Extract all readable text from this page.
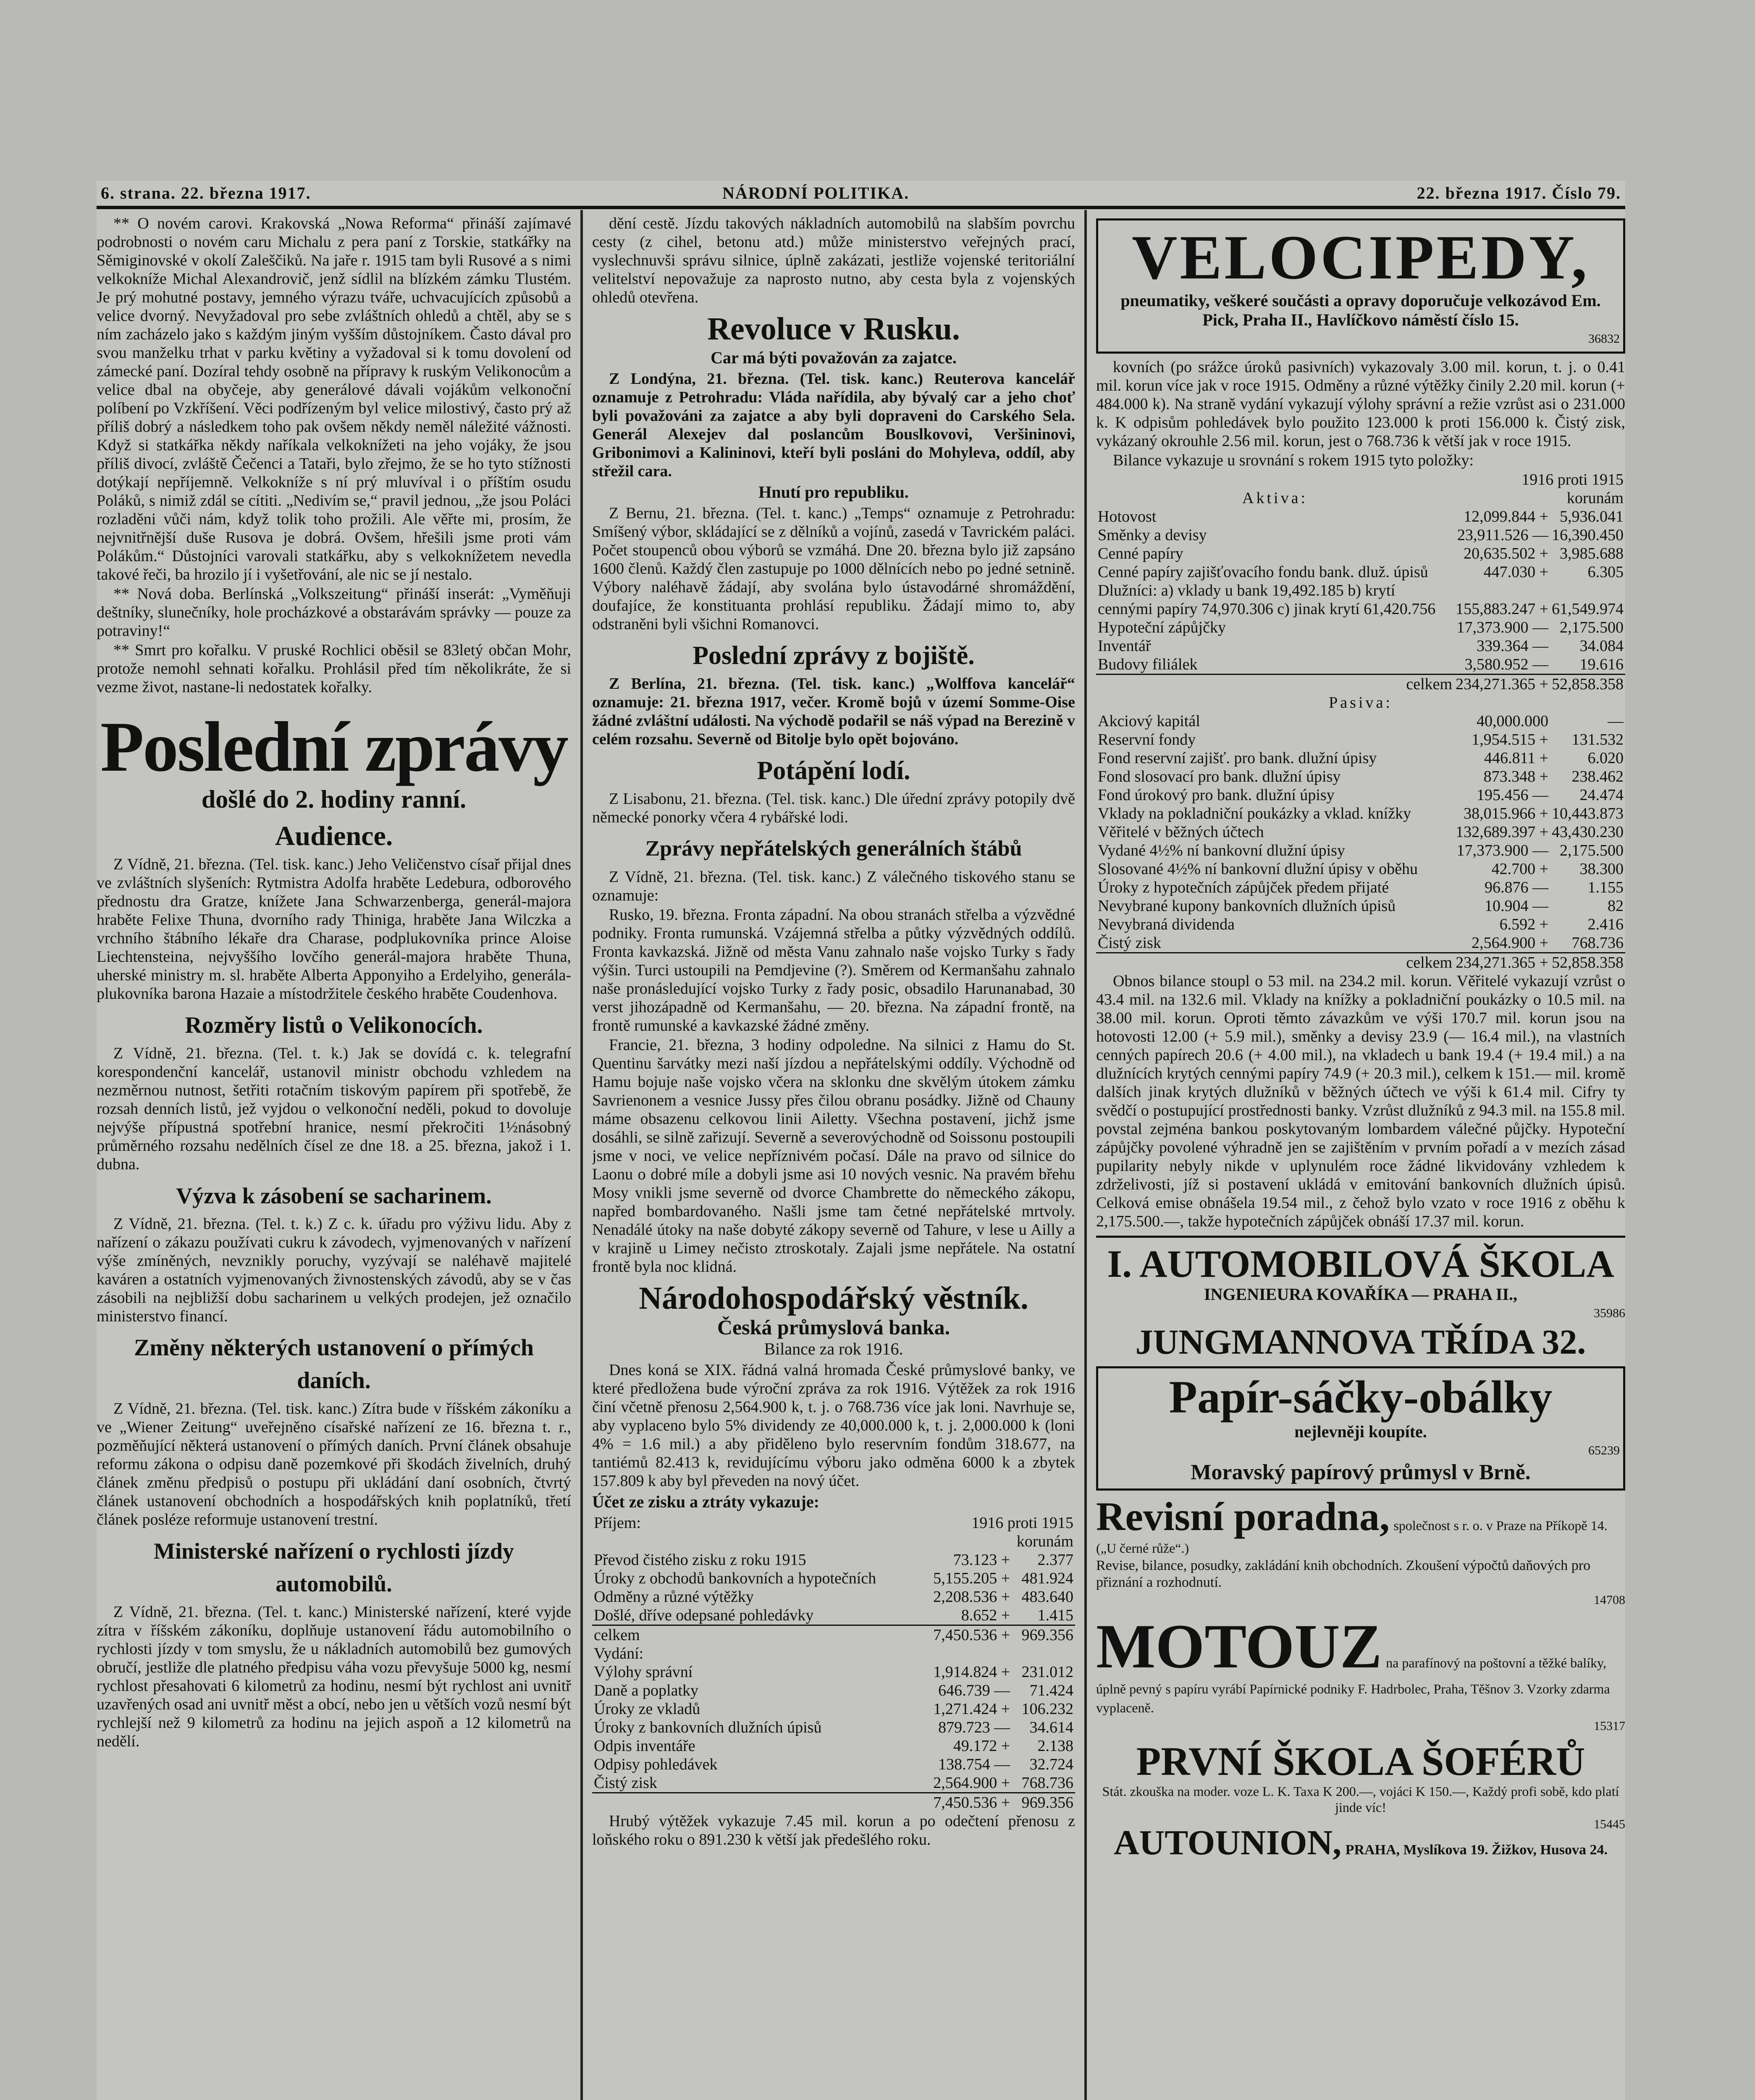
6. strana. 22. března 1917.	NÁRODNÍ POLITIKA.	22. března 1917. Číslo 79.

** O novém carovi. Krakovská „Nowa Reforma“ přináší zajímavé podrobnosti o novém caru Michalu z pera paní z Torskie, statkářky na Sěmiginovské v okolí Zaleščiků. Na jaře r. 1915 tam byli Rusové a s nimi velkokníže Michal Alexandrovič, jenž sídlil na blízkém zámku Tlustém. Je prý mohutné postavy, jemného výrazu tváře, uchvacujících způsobů a velice dvorný. Nevyžadoval pro sebe zvláštních ohledů a chtěl, aby se s ním zacházelo jako s každým jiným vyšším důstojníkem. Často dával pro svou manželku trhat v parku květiny a vyžadoval si k tomu dovolení od zámecké paní. Dozíral tehdy osobně na přípravy k ruským Velikonocům a velice dbal na obyčeje, aby generálové dávali vojákům velkonoční políbení po Vzkříšení. Věci podřízeným byl velice milostivý, často prý až příliš dobrý a následkem toho pak ovšem někdy neměl náležité vážnosti. Když si statkářka někdy naříkala velkoknížeti na jeho vojáky, že jsou příliš divocí, zvláště Čečenci a Tataři, bylo zřejmo, že se ho tyto stížnosti dotýkají nepříjemně. Velkokníže s ní prý mluvíval i o příštím osudu Poláků, s nimiž zdál se cítiti. „Nedivím se,“ pravil jednou, „že jsou Poláci rozladěni vůči nám, když tolik toho prožili. Ale věřte mi, prosím, že nejvnitřnější duše Rusova je dobrá. Ovšem, hřešili jsme proti vám Polákům.“ Důstojníci varovali statkářku, aby s velkoknížetem nevedla takové řeči, ba hrozilo jí i vyšetřování, ale nic se jí nestalo.

** Nová doba. Berlínská „Volkszeitung“ přináší inserát: „Vyměňuji deštníky, slunečníky, hole procházkové a obstarávám správky — pouze za potraviny!“

** Smrt pro kořalku. V pruské Rochlici oběsil se 83letý občan Mohr, protože nemohl sehnati kořalku. Prohlásil před tím několikráte, že si vezme život, nastane-li nedostatek kořalky.

Poslední zprávy
došlé do 2. hodiny ranní.
Audience.

Z Vídně, 21. března. (Tel. tisk. kanc.) Jeho Veličenstvo císař přijal dnes ve zvláštních slyšeních: Rytmistra Adolfa hraběte Ledebura, odborového přednostu dra Gratze, knížete Jana Schwarzenberga, generál-majora hraběte Felixe Thuna, dvorního rady Thiniga, hraběte Jana Wilczka a vrchního štábního lékaře dra Charase, podplukovníka prince Aloise Liechtensteina, nejvyššího lovčího generál-majora hraběte Thuna, uherské ministry m. sl. hraběte Alberta Apponyiho a Erdelyiho, generála-plukovníka barona Hazaie a místodržitele českého hraběte Coudenhova.

Rozměry listů o Velikonocích.

Z Vídně, 21. března. (Tel. t. k.) Jak se dovídá c. k. telegrafní korespondenční kancelář, ustanovil ministr obchodu vzhledem na nezměrnou nutnost, šetřiti rotačním tiskovým papírem při spotřebě, že rozsah denních listů, jež vyjdou o velkonoční neděli, pokud to dovoluje nejvýše přípustná spotřební hranice, nesmí překročiti 1½násobný průměrného rozsahu nedělních čísel ze dne 18. a 25. března, jakož i 1. dubna.

Výzva k zásobení se sacharinem.

Z Vídně, 21. března. (Tel. t. k.) Z c. k. úřadu pro výživu lidu. Aby z nařízení o zákazu používati cukru k závodech, vyjmenovaných v nařízení výše zmíněných, nevznikly poruchy, vyzývají se naléhavě majitelé kaváren a ostatních vyjmenovaných živnostenských závodů, aby se v čas zásobili na nejbližší dobu sacharinem u velkých prodejen, jež označilo ministerstvo financí.

Změny některých ustanovení o přímých daních.

Z Vídně, 21. března. (Tel. tisk. kanc.) Zítra bude v říšském zákoníku a ve „Wiener Zeitung“ uveřejněno císařské nařízení ze 16. března t. r., pozměňující některá ustanovení o přímých daních. První článek obsahuje reformu zákona o odpisu daně pozemkové při škodách živelních, druhý článek změnu předpisů o postupu při ukládání daní osobních, čtvrtý článek ustanovení obchodních a hospodářských knih poplatníků, třetí článek posléze reformuje ustanovení trestní.

Ministerské nařízení o rychlosti jízdy automobilů.

Z Vídně, 21. března. (Tel. t. kanc.) Ministerské nařízení, které vyjde zítra v říšském zákoníku, doplňuje ustanovení řádu automobilního o rychlosti jízdy v tom smyslu, že u nákladních automobilů bez gumových obručí, jestliže dle platného předpisu váha vozu převyšuje 5000 kg, nesmí rychlost přesahovati 6 kilometrů za hodinu, nesmí být rychlost ani uvnitř uzavřených osad ani uvnitř měst a obcí, nebo jen u větších vozů nesmí být rychlejší než 9 kilometrů za hodinu na jejich aspoň a 12 kilometrů na nedělí.

dění cestě. Jízdu takových nákladních automobilů na slabším povrchu cesty (z cihel, betonu atd.) může ministerstvo veřejných prací, vyslechnuvši správu silnice, úplně zakázati, jestliže vojenské teritoriální velitelství nepovažuje za naprosto nutno, aby cesta byla z vojenských ohledů otevřena.

Revoluce v Rusku.
Car má býti považován za zajatce.

Z Londýna, 21. března. (Tel. tisk. kanc.) Reuterova kancelář oznamuje z Petrohradu: Vláda nařídila, aby bývalý car a jeho choť byli považováni za zajatce a aby byli dopraveni do Carského Sela. Generál Alexejev dal poslancům Bouslkovovi, Veršininovi, Gribonimovi a Kalininovi, kteří byli posláni do Mohyleva, oddíl, aby střežil cara.

Hnutí pro republiku.

Z Bernu, 21. března. (Tel. t. kanc.) „Temps“ oznamuje z Petrohradu: Smíšený výbor, skládající se z dělníků a vojínů, zasedá v Tavrickém paláci. Počet stoupenců obou výborů se vzmáhá. Dne 20. března bylo již zapsáno 1600 členů. Každý člen zastupuje po 1000 dělnících nebo po jedné setnině. Výbory naléhavě žádají, aby svolána bylo ústavodárné shromáždění, doufajíce, že konstituanta prohlásí republiku. Žádají mimo to, aby odstraněni byli všichni Romanovci.

Poslední zprávy z bojiště.

Z Berlína, 21. března. (Tel. tisk. kanc.) „Wolffova kancelář“ oznamuje: 21. března 1917, večer. Kromě bojů v území Somme-Oise žádné zvláštní události. Na východě podařil se náš výpad na Berezině v celém rozsahu. Severně od Bitolje bylo opět bojováno.

Potápění lodí.

Z Lisabonu, 21. března. (Tel. tisk. kanc.) Dle úřední zprávy potopily dvě německé ponorky včera 4 rybářské lodi.

Zprávy nepřátelských generálních štábů

Z Vídně, 21. března. (Tel. tisk. kanc.) Z válečného tiskového stanu se oznamuje:

Rusko, 19. března. Fronta západní. Na obou stranách střelba a výzvědné podniky. Fronta rumunská. Vzájemná střelba a půtky výzvědných oddílů. Fronta kavkazská. Jižně od města Vanu zahnalo naše vojsko Turky s řady výšin. Turci ustoupili na Pemdjevine (?). Směrem od Kermanšahu zahnalo naše pronásledující vojsko Turky z řady posic, obsadilo Harunanabad, 30 verst jihozápadně od Kermanšahu, — 20. března. Na západní frontě, na frontě rumunské a kavkazské žádné změny.

Francie, 21. března, 3 hodiny odpoledne. Na silnici z Hamu do St. Quentinu šarvátky mezi naší jízdou a nepřátelskými oddíly. Východně od Hamu bojuje naše vojsko včera na sklonku dne skvělým útokem zámku Savrienonem a vesnice Jussy přes čilou obranu posádky. Jižně od Chauny máme obsazenu celkovou linii Ailetty. Všechna postavení, jichž jsme dosáhli, se silně zařizují. Severně a severovýchodně od Soissonu postoupili jsme v noci, ve velice nepříznivém počasí. Dále na pravo od silnice do Laonu o dobré míle a dobyli jsme asi 10 nových vesnic. Na pravém břehu Mosy vnikli jsme severně od dvorce Chambrette do německého zákopu, napřed bombardovaného. Našli jsme tam četné nepřátelské mrtvoly. Nenadálé útoky na naše dobyté zákopy severně od Tahure, v lese u Ailly a v krajině u Limey nečisto ztroskotaly. Zajali jsme nepřátele. Na ostatní frontě byla noc klidná.

Národohospodářský věstník.
Česká průmyslová banka.
Bilance za rok 1916.

Dnes koná se XIX. řádná valná hromada České průmyslové banky, ve které předložena bude výroční zpráva za rok 1916. Výtěžek za rok 1916 činí včetně přenosu 2,564.900 k, t. j. o 768.736 více jak loni. Navrhuje se, aby vyplaceno bylo 5% dividendy ze 40,000.000 k, t. j. 2,000.000 k (loni 4% = 1.6 mil.) a aby přiděleno bylo reservním fondům 318.677, na tantiémů 82.413 k, revidujícímu výboru jako odměna 6000 k a zbytek 157.809 k aby byl převeden na nový účet.

Účet ze zisku a ztráty vykazuje:
Příjem:	1916 proti 1915	
	korunám	
Převod čistého zisku z roku 1915	73.123 +	2.377
Úroky z obchodů bankovních a hypotečních	5,155.205 +	481.924
Odměny a různé výtěžky	2,208.536 +	483.640
Došlé, dříve odepsané pohledávky	8.652 +	1.415
celkem	7,450.536 +	969.356
Vydání:		
Výlohy správní	1,914.824 +	231.012
Daně a poplatky	646.739 —	71.424
Úroky ze vkladů	1,271.424 +	106.232
Úroky z bankovních dlužních úpisů	879.723 —	34.614
Odpis inventáře	49.172 +	2.138
Odpisy pohledávek	138.754 —	32.724
Čistý zisk	2,564.900 +	768.736
	7,450.536 +	969.356

Hrubý výtěžek vykazuje 7.45 mil. korun a po odečtení přenosu z loňského roku o 891.230 k větší jak předešlého roku.

VELOCIPEDY,
pneumatiky, veškeré součásti a opravy doporučuje velkozávod Em. Pick, Praha II., Havlíčkovo náměstí číslo 15.
36832

kovních (po srážce úroků pasivních) vykazovaly 3.00 mil. korun, t. j. o 0.41 mil. korun více jak v roce 1915. Odměny a různé výtěžky činily 2.20 mil. korun (+ 484.000 k). Na straně vydání vykazují výlohy správní a režie vzrůst asi o 231.000 k. K odpisům pohledávek bylo použito 123.000 k proti 156.000 k. Čistý zisk, vykázaný okrouhle 2.56 mil. korun, jest o 768.736 k větší jak v roce 1915.

Bilance vykazuje u srovnání s rokem 1915 tyto položky:

	1916 proti 1915	
Aktiva:	korunám	
Hotovost	12,099.844 +	5,936.041
Směnky a devisy	23,911.526 —	16,390.450
Cenné papíry	20,635.502 +	3,985.688
Cenné papíry zajišťovacího fondu bank. dluž. úpisů	447.030 +	6.305
Dlužníci: a) vklady u bank 19,492.185 b) krytí cennými papíry 74,970.306 c) jinak krytí 61,420.756	155,883.247 +	61,549.974
Hypoteční zápůjčky	17,373.900 —	2,175.500
Inventář	339.364 —	34.084
Budovy filiálek	3,580.952 —	19.616
celkem	234,271.365 +	52,858.358
Pasiva:		
Akciový kapitál	40,000.000	—
Reservní fondy	1,954.515 +	131.532
Fond reservní zajišť. pro bank. dlužní úpisy	446.811 +	6.020
Fond slosovací pro bank. dlužní úpisy	873.348 +	238.462
Fond úrokový pro bank. dlužní úpisy	195.456 —	24.474
Vklady na pokladniční poukázky a vklad. knížky	38,015.966 +	10,443.873
Věřitelé v běžných účtech	132,689.397 +	43,430.230
Vydané 4½% ní bankovní dlužní úpisy	17,373.900 —	2,175.500
Slosované 4½% ní bankovní dlužní úpisy v oběhu	42.700 +	38.300
Úroky z hypotečních zápůjček předem přijaté	96.876 —	1.155
Nevybrané kupony bankovních dlužních úpisů	10.904 —	82
Nevybraná dividenda	6.592 +	2.416
Čistý zisk	2,564.900 +	768.736
celkem	234,271.365 +	52,858.358

Obnos bilance stoupl o 53 mil. na 234.2 mil. korun. Věřitelé vykazují vzrůst o 43.4 mil. na 132.6 mil. Vklady na knížky a pokladniční poukázky o 10.5 mil. na 38.00 mil. korun. Oproti těmto závazkům ve výši 170.7 mil. korun jsou na hotovosti 12.00 (+ 5.9 mil.), směnky a devisy 23.9 (— 16.4 mil.), na vlastních cenných papírech 20.6 (+ 4.00 mil.), na vkladech u bank 19.4 (+ 19.4 mil.) a na dlužnících krytých cennými papíry 74.9 (+ 20.3 mil.), celkem k 151.— mil. kromě dalších jinak krytých dlužníků v běžných účtech ve výši k 61.4 mil. Cifry ty svědčí o postupující prostřednosti banky. Vzrůst dlužníků z 94.3 mil. na 155.8 mil. povstal zejména bankou poskytovaným lombardem válečné půjčky. Hypoteční zápůjčky povolené výhradně jen se zajištěním v prvním pořadí a v mezích zásad pupilarity nebyly nikde v uplynulém roce žádné likvidovány vzhledem k zdrželivosti, jíž si postavení ukládá v emitování bankovních dlužních úpisů. Celková emise obnášela 19.54 mil., z čehož bylo vzato v roce 1916 z oběhu k 2,175.500.—, takže hypotečních zápůjček obnáší 17.37 mil. korun.

I. AUTOMOBILOVÁ ŠKOLA
INGENIEURA KOVAŘÍKA — PRAHA II.,
35986
JUNGMANNOVA TŘÍDA 32.
Papír-sáčky-obálky
nejlevněji koupíte.
65239
Moravský papírový průmysl v Brně.
Revisní poradna, společnost s r. o. v Praze na Příkopě 14. („U černé růže“.)
Revise, bilance, posudky, zakládání knih obchodních. Zkoušení výpočtů daňových pro přiznání a rozhodnutí.
14708
MOTOUZ na parafínový na poštovní a těžké balíky, úplně pevný s papíru vyrábí Papírnické podniky F. Hadrboleс, Praha, Těšnov 3. Vzorky zdarma vyplaceně.
15317
PRVNÍ ŠKOLA ŠOFÉRŮ
Stát. zkouška na moder. voze L. K. Taxa K 200.—, vojáci K 150.—, Každý profi sobě, kdo platí jinde víc!
15445
AUTOUNION, PRAHA, Myslíkova 19. Žižkov, Husova 24.
